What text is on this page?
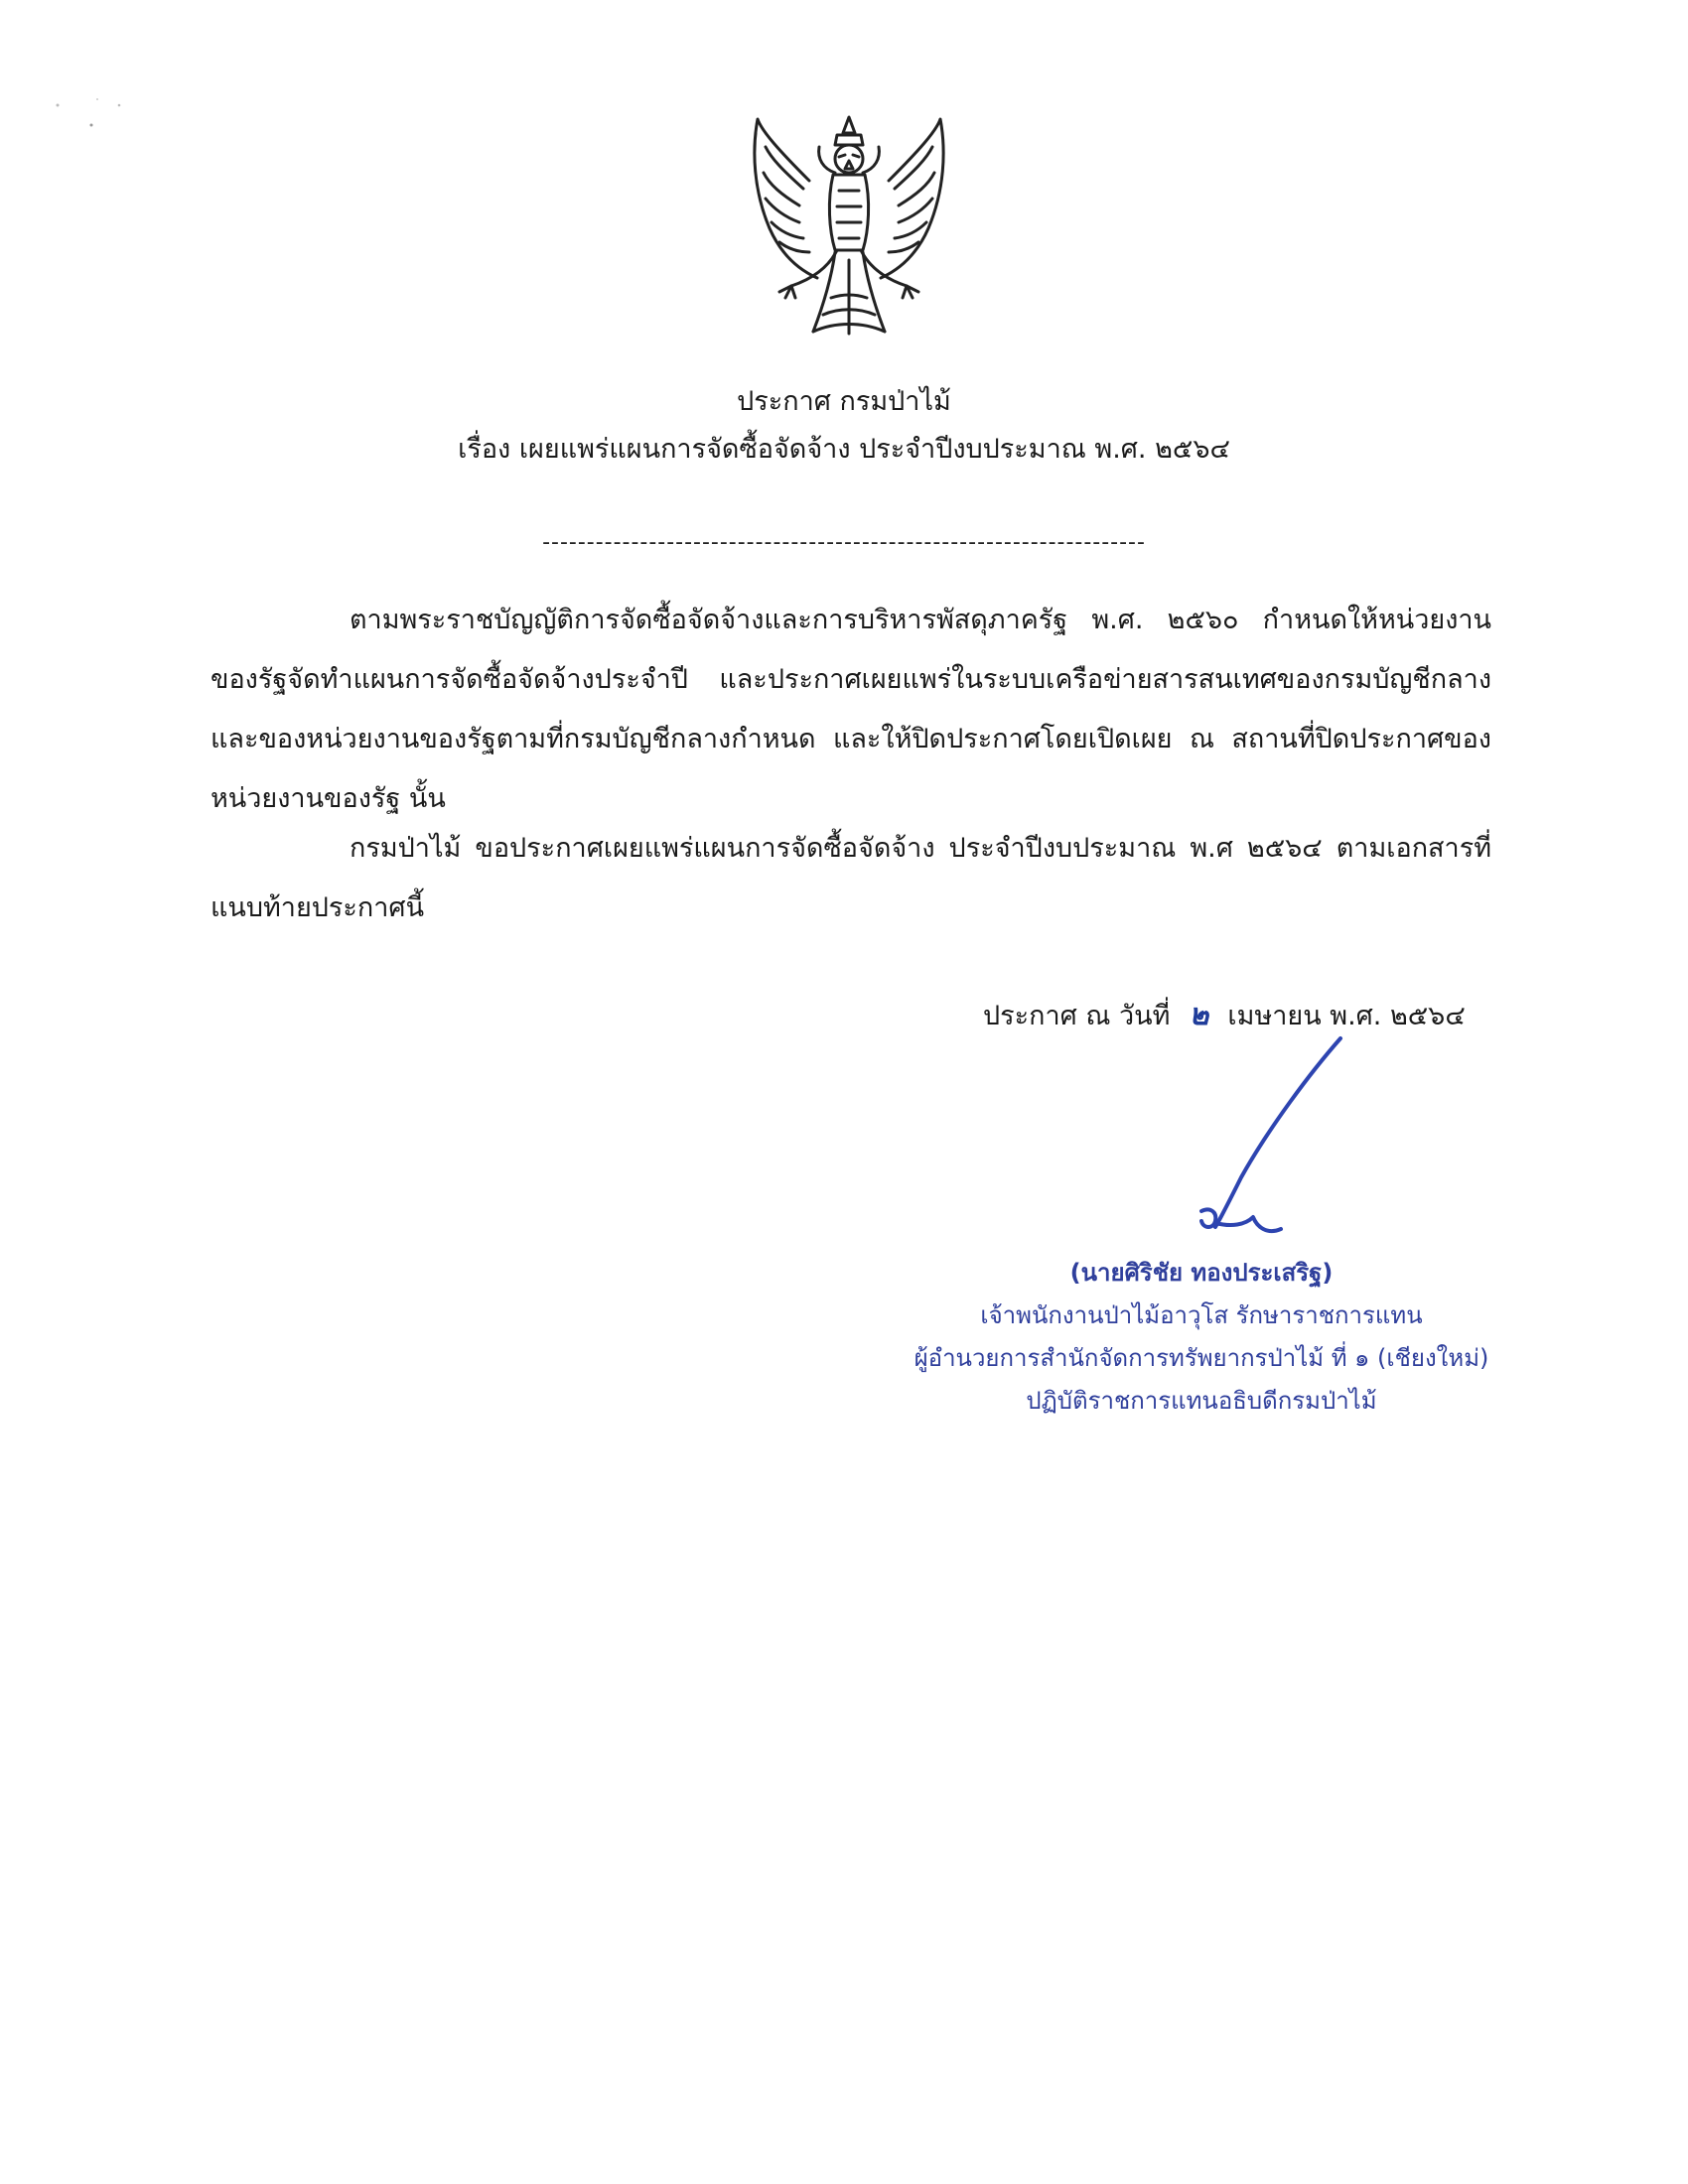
ประกาศ กรมป่าไม้
เรื่อง เผยแพร่แผนการจัดซื้อจัดจ้าง ประจำปีงบประมาณ พ.ศ. ๒๕๖๔
--------------------------------------------------------------------
ตามพระราชบัญญัติการจัดซื้อจัดจ้างและการบริหารพัสดุภาครัฐ พ.ศ. ๒๕๖๐ กำหนดให้หน่วยงานของรัฐจัดทำแผนการจัดซื้อจัดจ้างประจำปี และประกาศเผยแพร่ในระบบเครือข่ายสารสนเทศของกรมบัญชีกลางและของหน่วยงานของรัฐตามที่กรมบัญชีกลางกำหนด และให้ปิดประกาศโดยเปิดเผย ณ สถานที่ปิดประกาศของหน่วยงานของรัฐ นั้น
กรมป่าไม้ ขอประกาศเผยแพร่แผนการจัดซื้อจัดจ้าง ประจำปีงบประมาณ พ.ศ ๒๕๖๔ ตามเอกสารที่แนบท้ายประกาศนี้
ประกาศ ณ วันที่ ๒ เมษายน พ.ศ. ๒๕๖๔
(นายศิริชัย ทองประเสริฐ)
เจ้าพนักงานป่าไม้อาวุโส รักษาราชการแทน
ผู้อำนวยการสำนักจัดการทรัพยากรป่าไม้ ที่ ๑ (เชียงใหม่)
ปฏิบัติราชการแทนอธิบดีกรมป่าไม้
